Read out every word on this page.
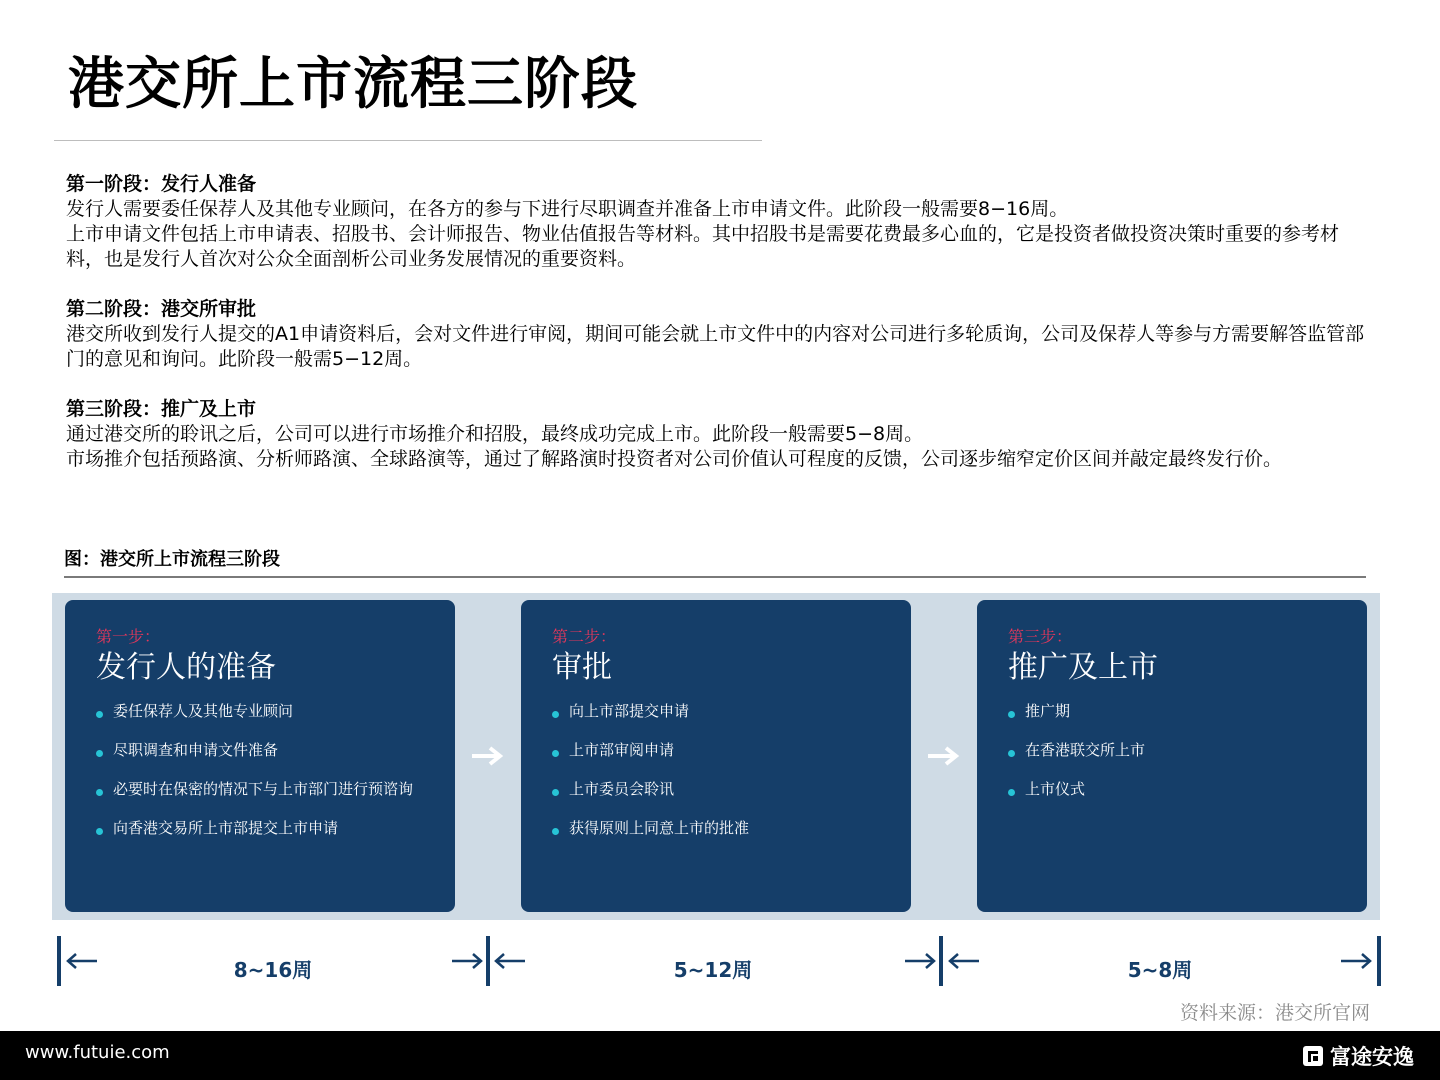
港交所上市流程三阶段
第一阶段：发行人准备
发行人需要委任保荐人及其他专业顾问，在各方的参与下进行尽职调查并准备上市申请文件。此阶段一般需要8−16周。
上市申请文件包括上市申请表、招股书、会计师报告、物业估值报告等材料。其中招股书是需要花费最多心血的，它是投资者做投资决策时重要的参考材料，也是发行人首次对公众全面剖析公司业务发展情况的重要资料。
第二阶段：港交所审批
港交所收到发行人提交的A1申请资料后，会对文件进行审阅，期间可能会就上市文件中的内容对公司进行多轮质询，公司及保荐人等参与方需要解答监管部门的意见和询问。此阶段一般需5−12周。
第三阶段：推广及上市
通过港交所的聆讯之后，公司可以进行市场推介和招股，最终成功完成上市。此阶段一般需要5−8周。
市场推介包括预路演、分析师路演、全球路演等，通过了解路演时投资者对公司价值认可程度的反馈，公司逐步缩窄定价区间并敲定最终发行价。
图：港交所上市流程三阶段
第一步：
发行人的准备
委任保荐人及其他专业顾问
尽职调查和申请文件准备
必要时在保密的情况下与上市部门进行预谘询
向香港交易所上市部提交上市申请
第二步：
审批
向上市部提交申请
上市部审阅申请
上市委员会聆讯
获得原则上同意上市的批准
第三步：
推广及上市
推广期
在香港联交所上市
上市仪式
8~16周	5~12周	5~8周
资料来源：港交所官网
www.futuie.com	富途安逸
